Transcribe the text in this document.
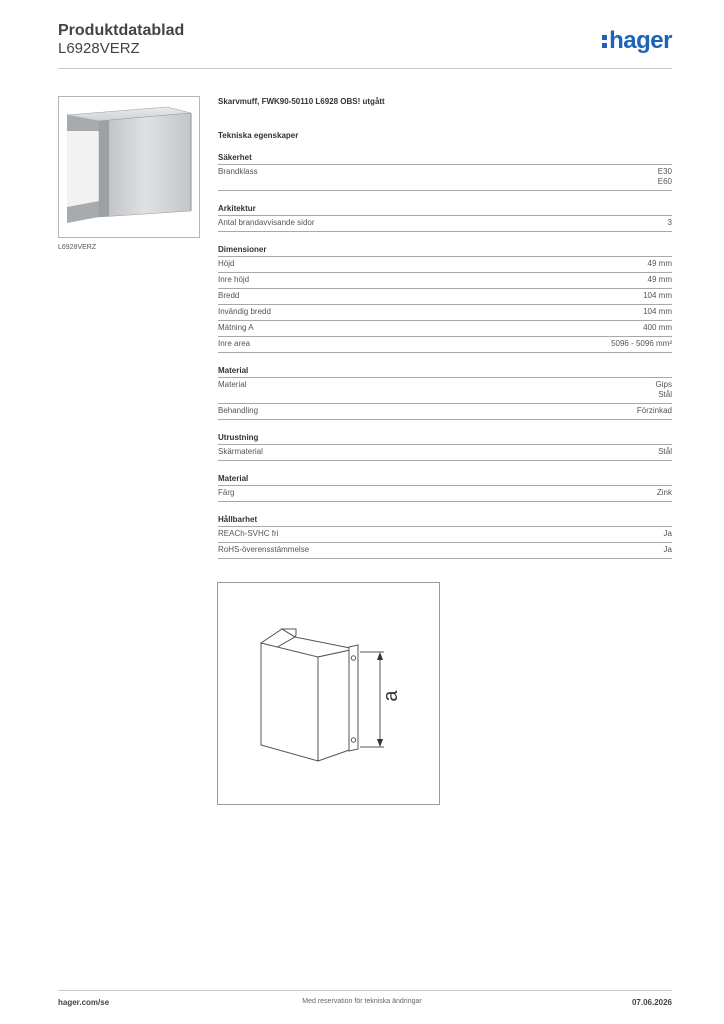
Produktdatablad
L6928VERZ	hager
L6928VERZ
Skarvmuff, FWK90-50110 L6928 OBS! utgått
Tekniska egenskaper
Säkerhet
Brandklass	E30
E60
Arkitektur
Antal brandavvisande sidor	3
Dimensioner
Höjd	49 mm
Inre höjd	49 mm
Bredd	104 mm
Invändig bredd	104 mm
Mätning A	400 mm
Inre area	5096 - 5096 mm²
Material
Material	Gips
Stål
Behandling	Förzinkad
Utrustning
Skärmaterial	Stål
Material
Färg	Zink
Hållbarhet
REACh-SVHC fri	Ja
RoHS-överensstämmelse	Ja
a
hager.com/se	Med reservation för tekniska ändringar	07.06.2026
